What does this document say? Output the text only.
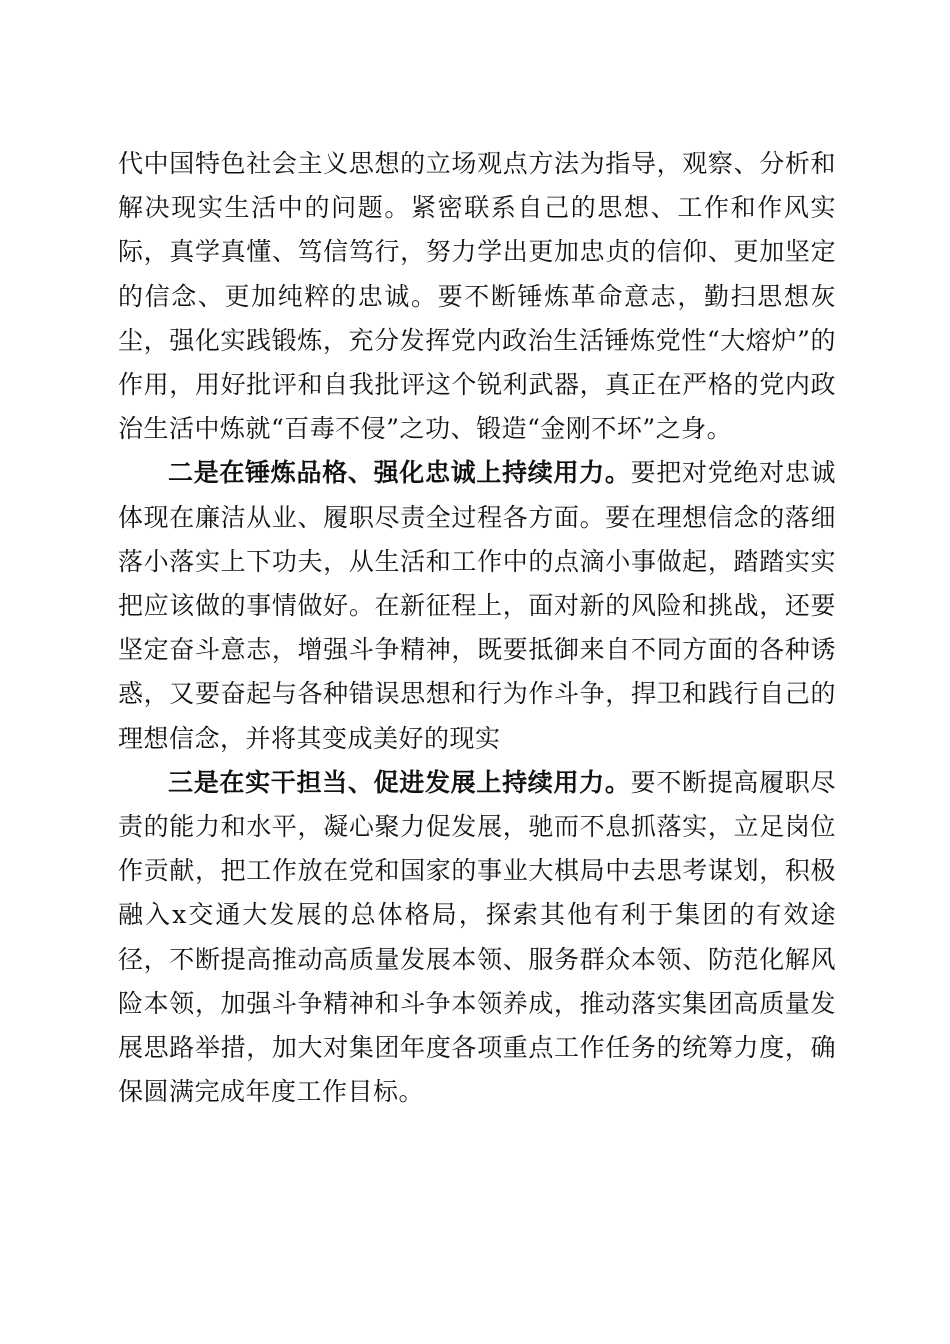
代中国特色社会主义思想的立场观点方法为指导，观察、分析和解决现实生活中的问题。紧密联系自己的思想、工作和作风实际，真学真懂、笃信笃行，努力学出更加忠贞的信仰、更加坚定的信念、更加纯粹的忠诚。要不断锤炼革命意志，勤扫思想灰尘，强化实践锻炼，充分发挥党内政治生活锤炼党性“大熔炉”的作用，用好批评和自我批评这个锐利武器，真正在严格的党内政治生活中炼就“百毒不侵”之功、锻造“金刚不坏”之身。

二是在锤炼品格、强化忠诚上持续用力。要把对党绝对忠诚体现在廉洁从业、履职尽责全过程各方面。要在理想信念的落细落小落实上下功夫，从生活和工作中的点滴小事做起，踏踏实实把应该做的事情做好。在新征程上，面对新的风险和挑战，还要坚定奋斗意志，增强斗争精神，既要抵御来自不同方面的各种诱惑，又要奋起与各种错误思想和行为作斗争，捍卫和践行自己的理想信念，并将其变成美好的现实

三是在实干担当、促进发展上持续用力。要不断提高履职尽责的能力和水平，凝心聚力促发展，驰而不息抓落实，立足岗位作贡献，把工作放在党和国家的事业大棋局中去思考谋划，积极融入x交通大发展的总体格局，探索其他有利于集团的有效途径，不断提高推动高质量发展本领、服务群众本领、防范化解风险本领，加强斗争精神和斗争本领养成，推动落实集团高质量发展思路举措，加大对集团年度各项重点工作任务的统筹力度，确保圆满完成年度工作目标。
